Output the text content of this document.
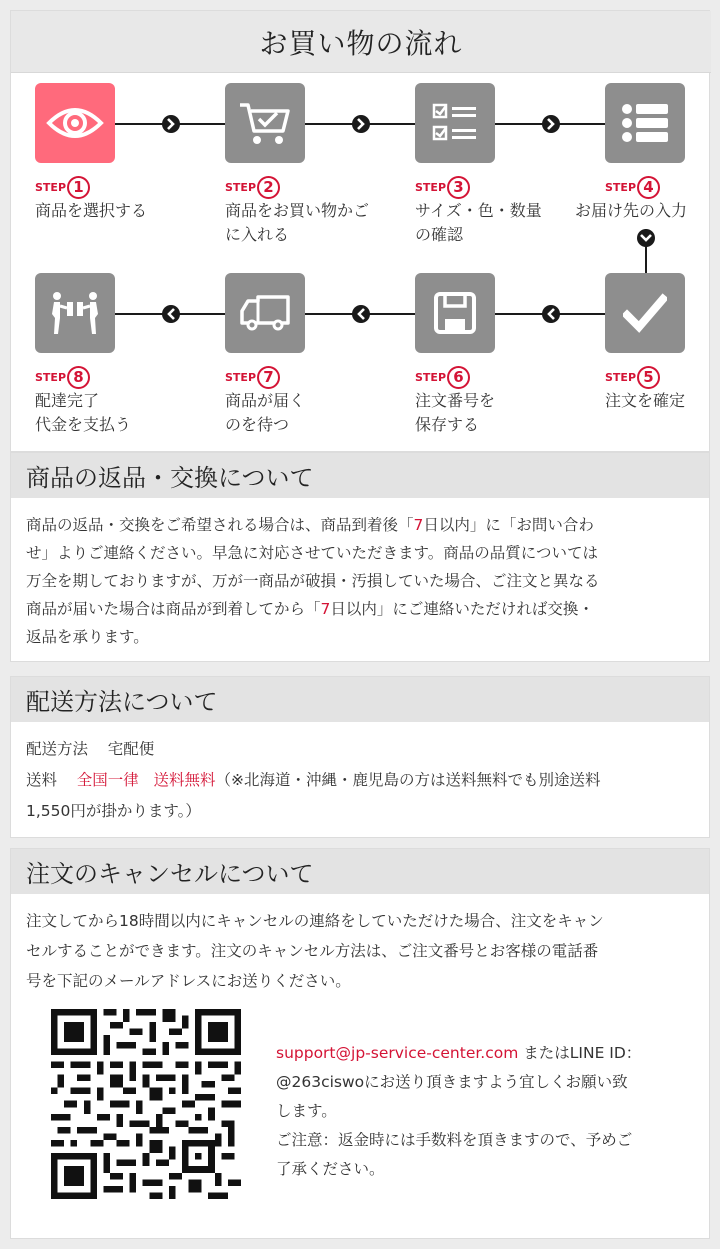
お買い物の流れ
STEP 1
商品を選択する
STEP 2
商品をお買い物かご
に入れる
STEP 3
サイズ・色・数量
の確認
STEP 4
お届け先の入力
STEP 5
注文を確定
STEP 6
注文番号を
保存する
STEP 7
商品が届く
のを待つ
STEP 8
配達完了
代金を支払う
商品の返品・交換について
商品の返品・交換をご希望される場合は、商品到着後「7日以内」に「お問い合わ
せ」よりご連絡ください。早急に対応させていただきます。商品の品質については
万全を期しておりますが、万が一商品が破損・汚損していた場合、ご注文と異なる
商品が届いた場合は商品が到着してから「7日以内」にご連絡いただければ交換・
返品を承ります。
配送方法について
配送方法 宅配便
送料 全国一律 送料無料（※北海道・沖縄・鹿児島の方は送料無料でも別途送料
1,550円が掛かります。）
注文のキャンセルについて
注文してから18時間以内にキャンセルの連絡をしていただけた場合、注文をキャン
セルすることができます。注文のキャンセル方法は、ご注文番号とお客様の電話番
号を下記のメールアドレスにお送りください。
support@jp-service-center.com またはLINE ID：
@263ciswoにお送り頂きますよう宜しくお願い致
します。
ご注意：返金時には手数料を頂きますので、予めご
了承ください。
